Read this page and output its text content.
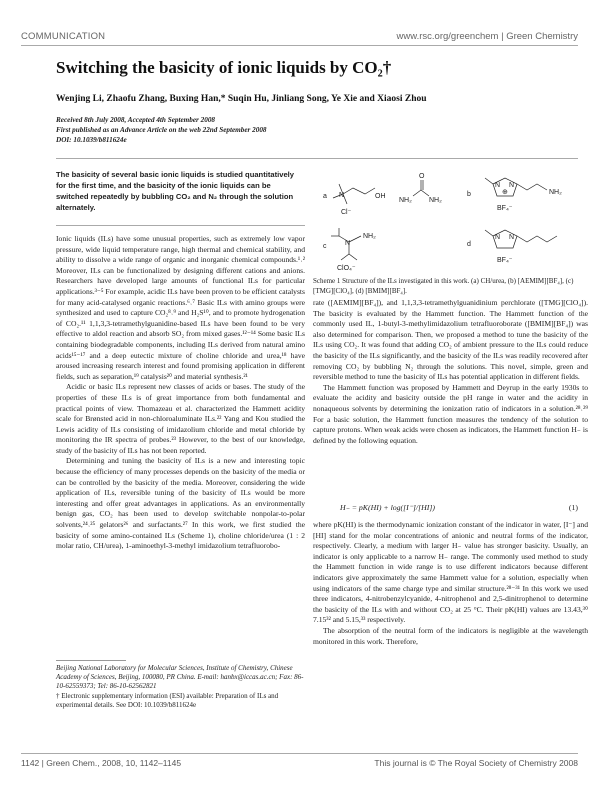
COMMUNICATION	www.rsc.org/greenchem | Green Chemistry
Switching the basicity of ionic liquids by CO₂†
Wenjing Li, Zhaofu Zhang, Buxing Han,* Suqin Hu, Jinliang Song, Ye Xie and Xiaosi Zhou
Received 8th July 2008, Accepted 4th September 2008
First published as an Advance Article on the web 22nd September 2008
DOI: 10.1039/b811624e
The basicity of several basic ionic liquids is studied quantitatively for the first time, and the basicity of the ionic liquids can be switched repeatedly by bubbling CO₂ and N₂ through the solution alternately.

Ionic liquids (ILs) have some unusual properties, such as extremely low vapor pressure, wide liquid temperature range, high thermal and chemical stability, and ability to dissolve a wide range of organic and inorganic chemical compounds.¹˒² Moreover, ILs can be functionalized by designing different cations and anions. Researchers have developed large amounts of functional ILs for particular applications.³⁻⁵ For example, acidic ILs have been proven to be efficient catalysts for many acid-catalysed organic reactions.⁶˒⁷ Basic ILs with amino groups were synthesized and used to capture CO₂⁸˒⁹ and H₂S¹⁰, and to promote hydrogenation of CO₂.¹¹ 1,1,3,3-tetramethylguanidine-based ILs have been found to be very effective to aldol reaction and absorb SO₂ from mixed gases.¹²⁻¹⁴ Some basic ILs containing biodegradable components, including ILs derived from natural amino acids¹⁵⁻¹⁷ and a deep eutectic mixture of choline chloride and urea,¹⁸ have aroused increasing research interest and found promising application in different fields, such as separation,¹⁹ catalysis²⁰ and material synthesis.²¹

Acidic or basic ILs represent new classes of acids or bases. The study of the properties of these ILs is of great importance from both fundamental and practical points of view. Thomazeau et al. characterized the Hammett acidity scale for Brønsted acid in non-chloroaluminate ILs.²² Yang and Kou studied the Lewis acidity of ILs consisting of imidazolium chloride and metal chloride by monitoring the IR spectra of probes.²³ However, to the best of our knowledge, study of the basicity of ILs has not been reported.

Determining and tuning the basicity of ILs is a new and interesting topic because the efficiency of many processes depends on the basicity of the media or can be controlled by the basicity of the media. Moreover, considering the wide application of ILs, reversible tuning of the basicity of ILs would be more interesting and offer great advantages in applications. As an environmentally benign gas, CO₂ has been used to develop switchable nonpolar-to-polar solvents,²⁴˒²⁵ gelators²⁶ and surfactants.²⁷ In this work, we first studied the basicity of some amino-contained ILs (Scheme 1), choline chloride/urea (1 : 2 molar ratio, CH/urea), 1-aminoethyl-3-methyl imidazolium tetrafluorobo-

a	b
c	d
Cl⁻
OH
NH₂ NH₂
O
BF₄⁻
NH₂
ClO₄⁻
NH₂
BF₄⁻
N
N N
N
N N
⊕
Scheme 1 Structure of the ILs investigated in this work. (a) CH/urea, (b) [AEMIM][BF₄], (c) [TMG][ClO₄], (d) [BMIM][BF₄].

rate ([AEMIM][BF₄]), and 1,1,3,3-tetramethylguanidinium perchlorate ([TMG][ClO₄]). The basicity is evaluated by the Hammett function. The Hammett function of the commonly used IL, 1-butyl-3-methylimidazolium tetrafluoroborate ([BMIM][BF₄]) was also determined for comparison. Then, we proposed a method to tune the basicity of the ILs using CO₂. It was found that adding CO₂ of ambient pressure to the ILs could reduce the basicity of the ILs significantly, and the basicity of the ILs was readily recovered after removing CO₂ by bubbling N₂ through the solutions. This novel, simple, green and reversible method to tune the basicity of ILs has potential application in different fields.

The Hammett function was proposed by Hammett and Deyrup in the early 1930s to evaluate the acidity and basicity outside the pH range in water and the acidity in nonaqueous solvents by determining the ionization ratio of indicators in a solution.²⁸˒²⁹ For a basic solution, the Hammett function measures the tendency of the solution to capture protons. When weak acids were chosen as indicators, the Hammett function H₋ is defined by the following equation.

H₋ = pK(HI) + log([I⁻]/[HI])	(1)

where pK(HI) is the thermodynamic ionization constant of the indicator in water, [I⁻] and [HI] stand for the molar concentrations of anionic and neutral forms of the indicator, respectively. Clearly, a medium with larger H₋ value has stronger basicity. Usually, an indicator is only applicable to a narrow H₋ range. The commonly used method to study the Hammett function in wide range is to use different indicators because different indicators give approximately the same Hammett value for a solution, especially when using indicators of the same charge type and similar structure.²⁸⁻³¹ In this work we used three indicators, 4-nitrobenzylcyanide, 4-nitrophenol and 2,5-dinitrophenol to determine the basicity of the ILs with and without CO₂ at 25 °C. Their pK(HI) values are 13.43,³⁰ 7.15³² and 5.15,³³ respectively.

The absorption of the neutral form of the indicators is negligible at the wavelength monitored in this work. Therefore,

Beijing National Laboratory for Molecular Sciences, Institute of Chemistry, Chinese Academy of Sciences, Beijing, 100080, PR China. E-mail: hanbx@iccas.ac.cn; Fax: 86-10-62559373; Tel: 86-10-62562821
† Electronic supplementary information (ESI) available: Preparation of ILs and experimental details. See DOI: 10.1039/b811624e
1142 | Green Chem., 2008, 10, 1142–1145	This journal is © The Royal Society of Chemistry 2008
